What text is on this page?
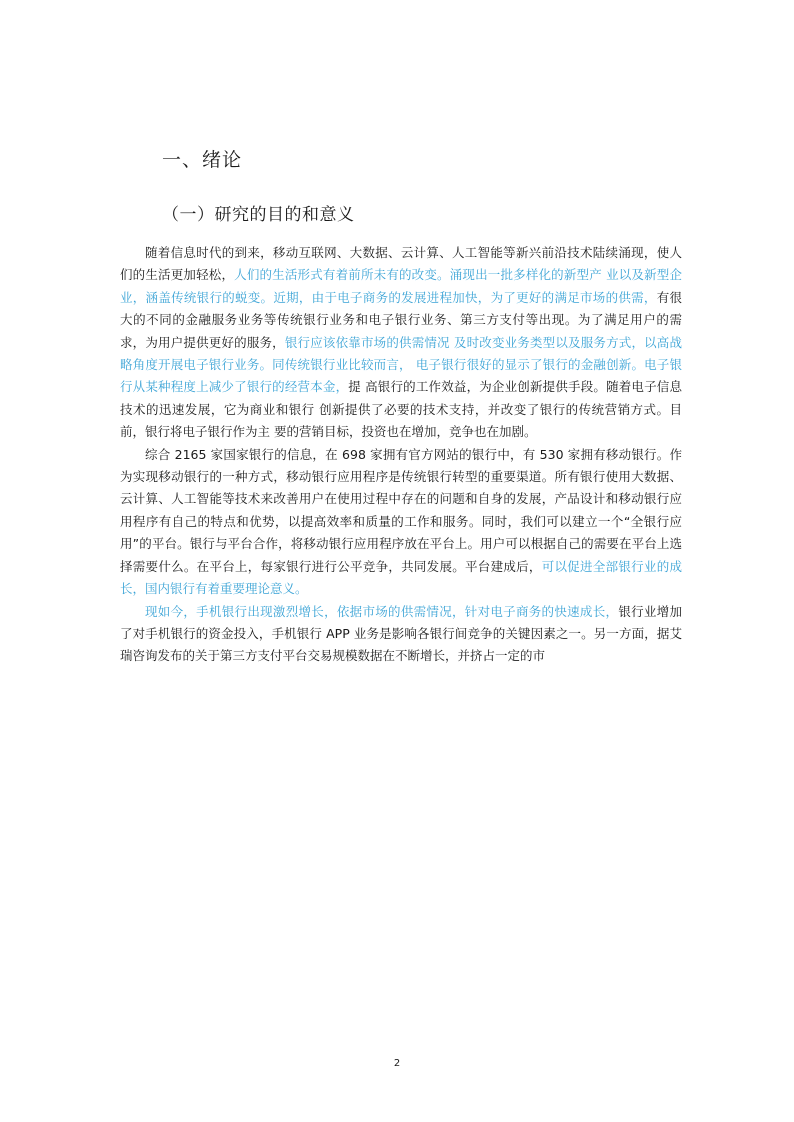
一、绪论
（一）研究的目的和意义

随着信息时代的到来，移动互联网、大数据、云计算、人工智能等新兴前沿技术陆续涌现，使人们的生活更加轻松，人们的生活形式有着前所未有的改变。涌现出一批多样化的新型产 业以及新型企业，涵盖传统银行的蜕变。近期，由于电子商务的发展进程加快，为了更好的满足市场的供需，有很大的不同的金融服务业务等传统银行业务和电子银行业务、第三方支付等出现。为了满足用户的需求，为用户提供更好的服务，银行应该依靠市场的供需情况 及时改变业务类型以及服务方式，以高战略角度开展电子银行业务。同传统银行业比较而言， 电子银行很好的显示了银行的金融创新。电子银行从某种程度上减少了银行的经营本金，提 高银行的工作效益，为企业创新提供手段。随着电子信息技术的迅速发展，它为商业和银行 创新提供了必要的技术支持，并改变了银行的传统营销方式。目前，银行将电子银行作为主 要的营销目标，投资也在增加，竞争也在加剧。

综合 2165 家国家银行的信息，在 698 家拥有官方网站的银行中，有 530 家拥有移动银行。作为实现移动银行的一种方式，移动银行应用程序是传统银行转型的重要渠道。所有银行使用大数据、云计算、人工智能等技术来改善用户在使用过程中存在的问题和自身的发展，产品设计和移动银行应用程序有自己的特点和优势，以提高效率和质量的工作和服务。同时，我们可以建立一个“全银行应用”的平台。银行与平台合作，将移动银行应用程序放在平台上。用户可以根据自己的需要在平台上选择需要什么。在平台上，每家银行进行公平竞争，共同发展。平台建成后，可以促进全部银行业的成长，国内银行有着重要理论意义。

现如今，手机银行出现激烈增长，依据市场的供需情况，针对电子商务的快速成长，银行业增加了对手机银行的资金投入，手机银行 APP 业务是影响各银行间竞争的关键因素之一。另一方面，据艾瑞咨询发布的关于第三方支付平台交易规模数据在不断增长，并挤占一定的市

2
